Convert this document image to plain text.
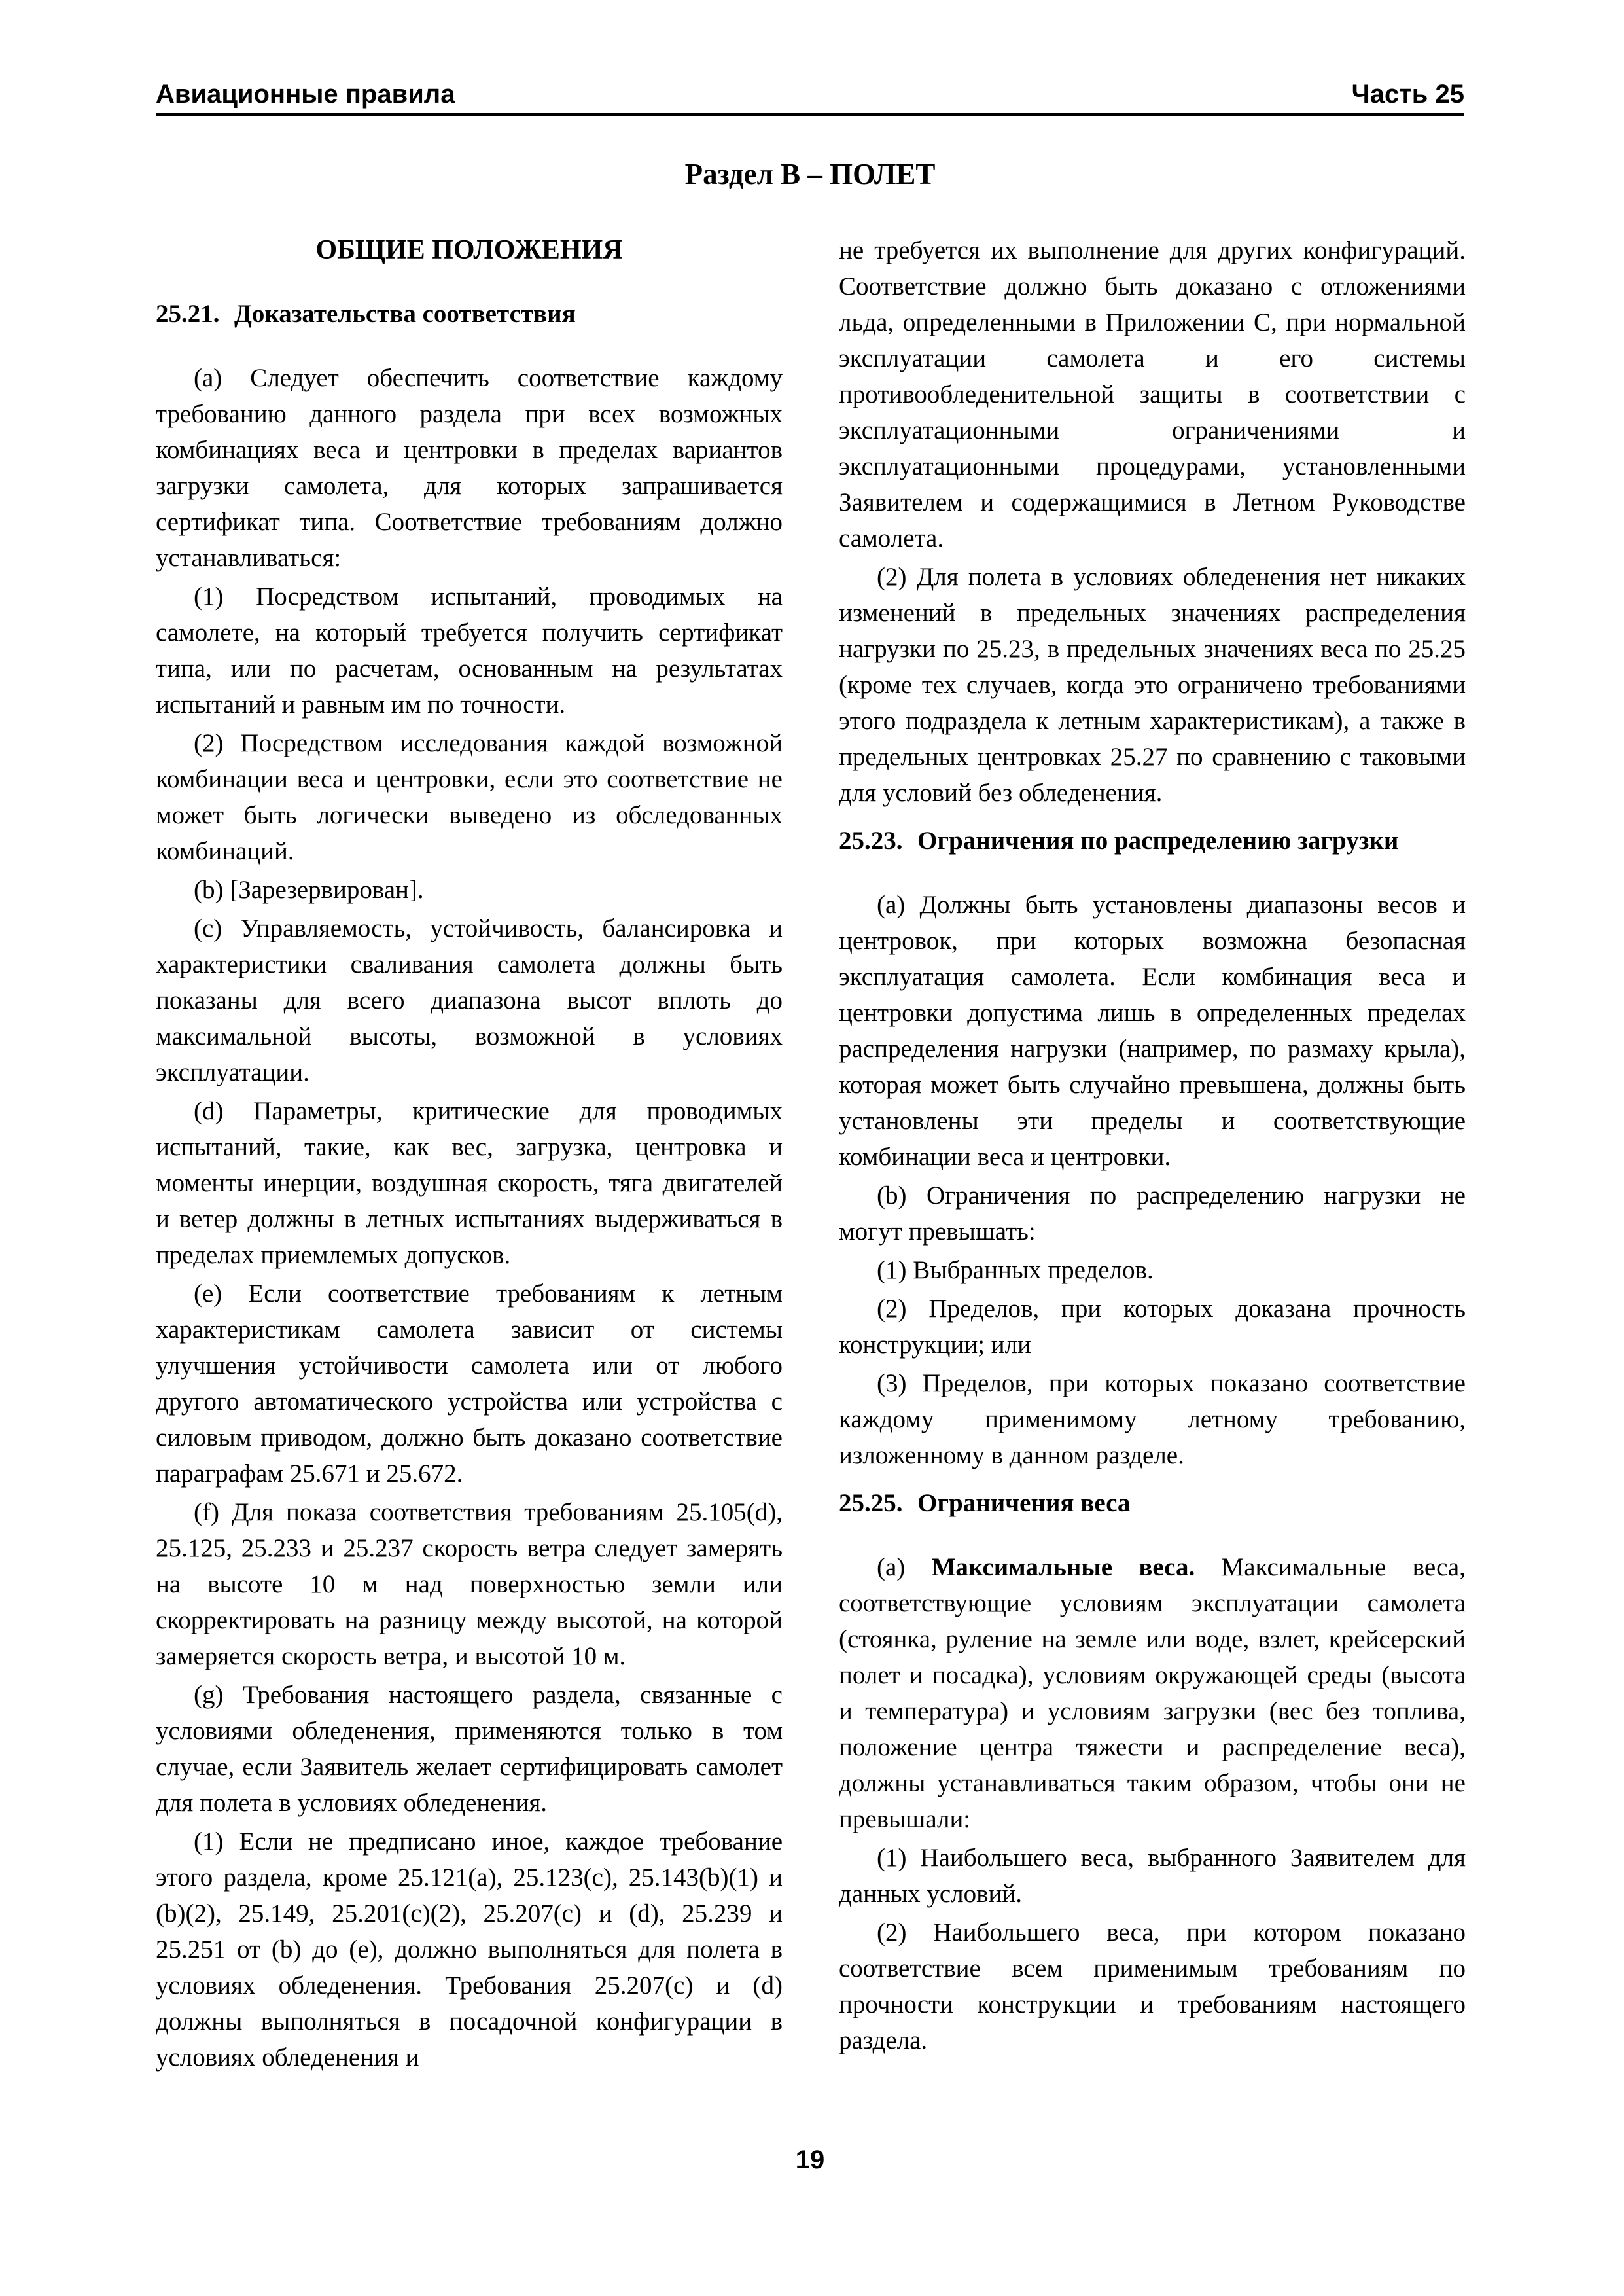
Авиационные правила	Часть 25
Раздел B – ПОЛЕТ
ОБЩИЕ ПОЛОЖЕНИЯ
25.21. Доказательства соответствия

(a) Следует обеспечить соответствие каждому требованию данного раздела при всех возможных комбинациях веса и центровки в пределах вариантов загрузки самолета, для которых запрашивается сертификат типа. Соответствие требованиям должно устанавливаться:

(1) Посредством испытаний, проводимых на самолете, на который требуется получить сертификат типа, или по расчетам, основанным на результатах испытаний и равным им по точности.

(2) Посредством исследования каждой возможной комбинации веса и центровки, если это соответствие не может быть логически выведено из обследованных комбинаций.

(b) [Зарезервирован].

(c) Управляемость, устойчивость, балансировка и характеристики сваливания самолета должны быть показаны для всего диапазона высот вплоть до максимальной высоты, возможной в условиях эксплуатации.

(d) Параметры, критические для проводимых испытаний, такие, как вес, загрузка, центровка и моменты инерции, воздушная скорость, тяга двигателей и ветер должны в летных испытаниях выдерживаться в пределах приемлемых допусков.

(e) Если соответствие требованиям к летным характеристикам самолета зависит от системы улучшения устойчивости самолета или от любого другого автоматического устройства или устройства с силовым приводом, должно быть доказано соответствие параграфам 25.671 и 25.672.

(f) Для показа соответствия требованиям 25.105(d), 25.125, 25.233 и 25.237 скорость ветра следует замерять на высоте 10 м над поверхностью земли или скорректировать на разницу между высотой, на которой замеряется скорость ветра, и высотой 10 м.

(g) Требования настоящего раздела, связанные с условиями обледенения, применяются только в том случае, если Заявитель желает сертифицировать самолет для полета в условиях обледенения.

(1) Если не предписано иное, каждое требование этого раздела, кроме 25.121(a), 25.123(c), 25.143(b)(1) и (b)(2), 25.149, 25.201(c)(2), 25.207(c) и (d), 25.239 и 25.251 от (b) до (e), должно выполняться для полета в условиях обледенения. Требования 25.207(c) и (d) должны выполняться в посадочной конфигурации в условиях обледенения и

не требуется их выполнение для других конфигураций. Соответствие должно быть доказано с отложениями льда, определенными в Приложении С, при нормальной эксплуатации самолета и его системы противообледенительной защиты в соответствии с эксплуатационными ограничениями и эксплуатационными процедурами, установленными Заявителем и содержащимися в Летном Руководстве самолета.

(2) Для полета в условиях обледенения нет никаких изменений в предельных значениях распределения нагрузки по 25.23, в предельных значениях веса по 25.25 (кроме тех случаев, когда это ограничено требованиями этого подраздела к летным характеристикам), а также в предельных центровках 25.27 по сравнению с таковыми для условий без обледенения.

25.23. Ограничения по распределению загрузки

(a) Должны быть установлены диапазоны весов и центровок, при которых возможна безопасная эксплуатация самолета. Если комбинация веса и центровки допустима лишь в определенных пределах распределения нагрузки (например, по размаху крыла), которая может быть случайно превышена, должны быть установлены эти пределы и соответствующие комбинации веса и центровки.

(b) Ограничения по распределению нагрузки не могут превышать:

(1) Выбранных пределов.

(2) Пределов, при которых доказана прочность конструкции; или

(3) Пределов, при которых показано соответствие каждому применимому летному требованию, изложенному в данном разделе.

25.25. Ограничения веса

(a) Максимальные веса. Максимальные веса, соответствующие условиям эксплуатации самолета (стоянка, руление на земле или воде, взлет, крейсерский полет и посадка), условиям окружающей среды (высота и температура) и условиям загрузки (вес без топлива, положение центра тяжести и распределение веса), должны устанавливаться таким образом, чтобы они не превышали:

(1) Наибольшего веса, выбранного Заявителем для данных условий.

(2) Наибольшего веса, при котором показано соответствие всем применимым требованиям по прочности конструкции и требованиям настоящего раздела.

19
